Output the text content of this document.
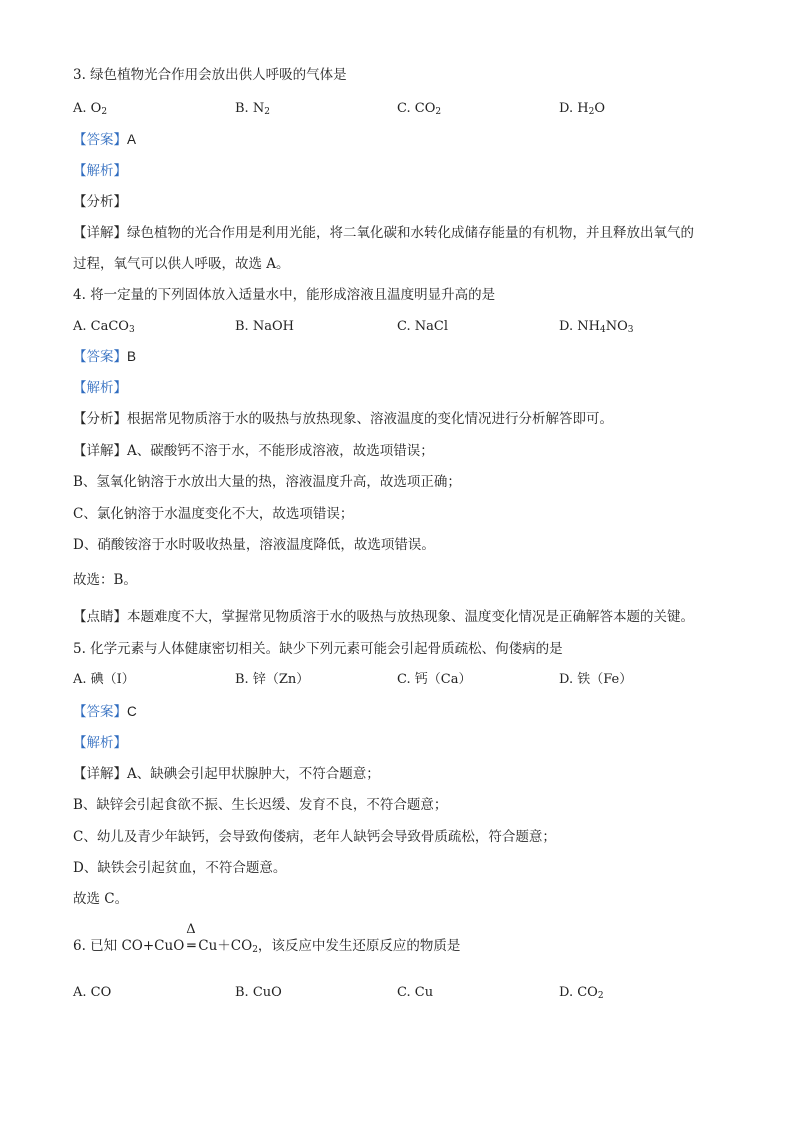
3. 绿色植物光合作用会放出供人呼吸的气体是
A. $O_2$	B. $N_2$	C. $CO_2$	D. $H_2O$
【答案】A
【解析】
【分析】
【详解】绿色植物的光合作用是利用光能，将二氧化碳和水转化成储存能量的有机物，并且释放出氧气的
过程，氧气可以供人呼吸，故选 A。
4. 将一定量的下列固体放入适量水中，能形成溶液且温度明显升高的是
A. CaCO$_3$	B. NaOH	C. NaCl	D. $NH_4NO_3$
【答案】B
【解析】
【分析】根据常见物质溶于水的吸热与放热现象、溶液温度的变化情况进行分析解答即可。
【详解】A、碳酸钙不溶于水，不能形成溶液，故选项错误；
B、氢氧化钠溶于水放出大量的热，溶液温度升高，故选项正确；
C、氯化钠溶于水温度变化不大，故选项错误；
D、硝酸铵溶于水时吸收热量，溶液温度降低，故选项错误。
故选：B。
【点睛】本题难度不大，掌握常见物质溶于水的吸热与放热现象、温度变化情况是正确解答本题的关键。
5. 化学元素与人体健康密切相关。缺少下列元素可能会引起骨质疏松、佝偻病的是
A. 碘（I）	B. 锌（Zn）	C. 钙（Ca）	D. 铁（Fe）
【答案】C
【解析】
【详解】A、缺碘会引起甲状腺肿大，不符合题意；
B、缺锌会引起食欲不振、生长迟缓、发育不良，不符合题意；
C、幼儿及青少年缺钙，会导致佝偻病，老年人缺钙会导致骨质疏松，符合题意；
D、缺铁会引起贫血，不符合题意。
故选 C。
6. 已知 CO+CuO
Δ
═ $Cu+CO_2$，该反应中发生还原反应的物质是
A. CO	B. CuO	C. Cu	D. $CO_2$
